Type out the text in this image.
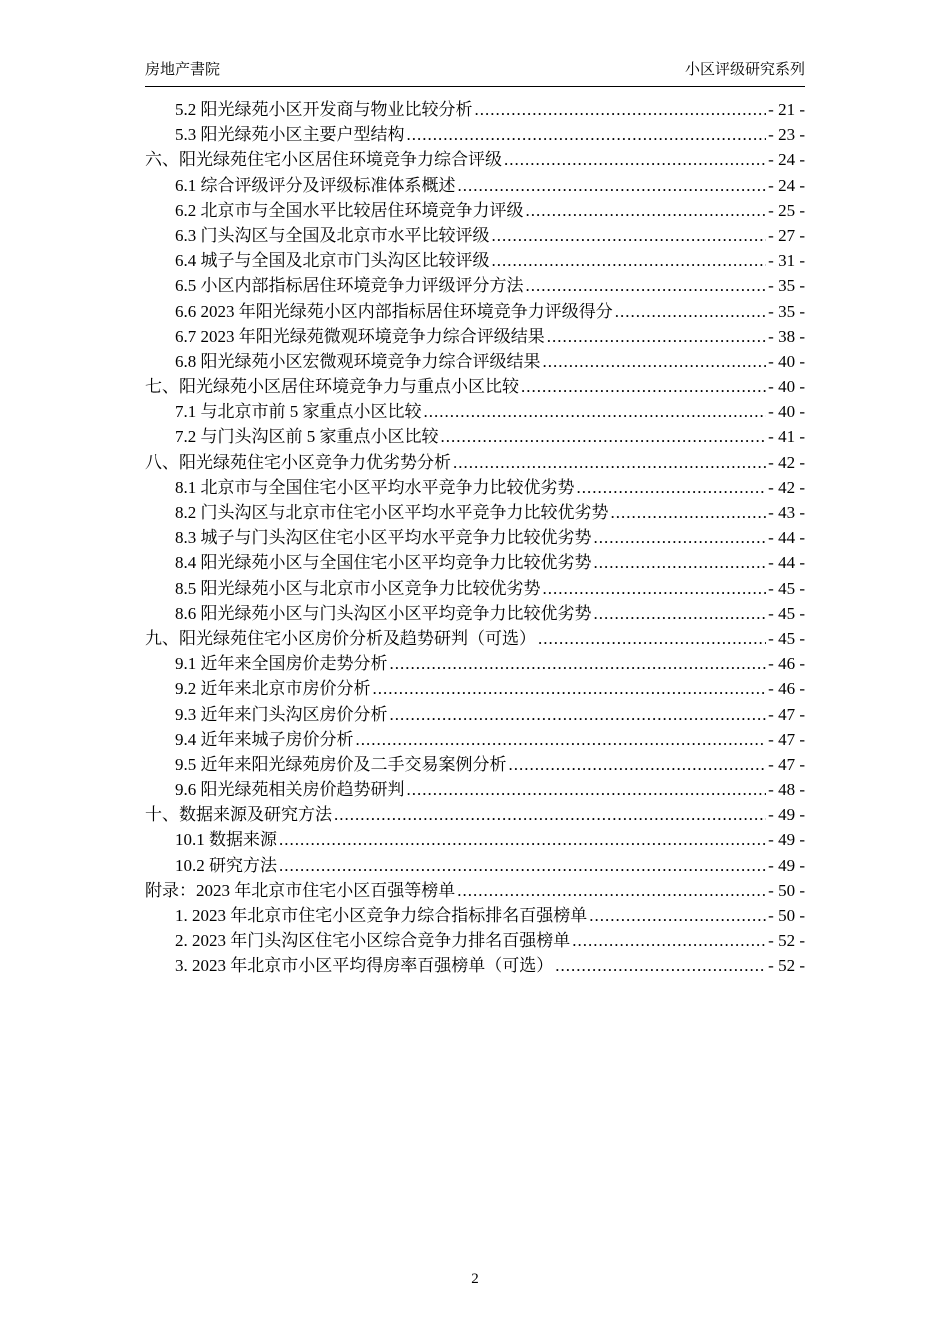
房地产書院	小区评级研究系列
5.2 阳光绿苑小区开发商与物业比较分析 .....	- 21 -
5.3 阳光绿苑小区主要户型结构 .....	- 23 -
六、阳光绿苑住宅小区居住环境竞争力综合评级 .....	- 24 -
6.1 综合评级评分及评级标准体系概述 .....	- 24 -
6.2 北京市与全国水平比较居住环境竞争力评级 .....	- 25 -
6.3 门头沟区与全国及北京市水平比较评级 .....	- 27 -
6.4 城子与全国及北京市门头沟区比较评级 .....	- 31 -
6.5 小区内部指标居住环境竞争力评级评分方法 .....	- 35 -
6.6 2023 年阳光绿苑小区内部指标居住环境竞争力评级得分 .....	- 35 -
6.7 2023 年阳光绿苑微观环境竞争力综合评级结果 .....	- 38 -
6.8 阳光绿苑小区宏微观环境竞争力综合评级结果 .....	- 40 -
七、阳光绿苑小区居住环境竞争力与重点小区比较 .....	- 40 -
7.1 与北京市前 5 家重点小区比较 .....	- 40 -
7.2 与门头沟区前 5 家重点小区比较 .....	- 41 -
八、阳光绿苑住宅小区竞争力优劣势分析 .....	- 42 -
8.1 北京市与全国住宅小区平均水平竞争力比较优劣势 .....	- 42 -
8.2 门头沟区与北京市住宅小区平均水平竞争力比较优劣势 .....	- 43 -
8.3 城子与门头沟区住宅小区平均水平竞争力比较优劣势 .....	- 44 -
8.4 阳光绿苑小区与全国住宅小区平均竞争力比较优劣势 .....	- 44 -
8.5 阳光绿苑小区与北京市小区竞争力比较优劣势 .....	- 45 -
8.6 阳光绿苑小区与门头沟区小区平均竞争力比较优劣势 .....	- 45 -
九、阳光绿苑住宅小区房价分析及趋势研判（可选） .....	- 45 -
9.1 近年来全国房价走势分析 .....	- 46 -
9.2 近年来北京市房价分析 .....	- 46 -
9.3 近年来门头沟区房价分析 .....	- 47 -
9.4 近年来城子房价分析 .....	- 47 -
9.5 近年来阳光绿苑房价及二手交易案例分析 .....	- 47 -
9.6 阳光绿苑相关房价趋势研判 .....	- 48 -
十、数据来源及研究方法 .....	- 49 -
10.1 数据来源 .....	- 49 -
10.2 研究方法 .....	- 49 -
附录：2023 年北京市住宅小区百强等榜单 .....	- 50 -
1. 2023 年北京市住宅小区竞争力综合指标排名百强榜单 .....	- 50 -
2. 2023 年门头沟区住宅小区综合竞争力排名百强榜单 .....	- 52 -
3. 2023 年北京市小区平均得房率百强榜单（可选） .....	- 52 -
2
